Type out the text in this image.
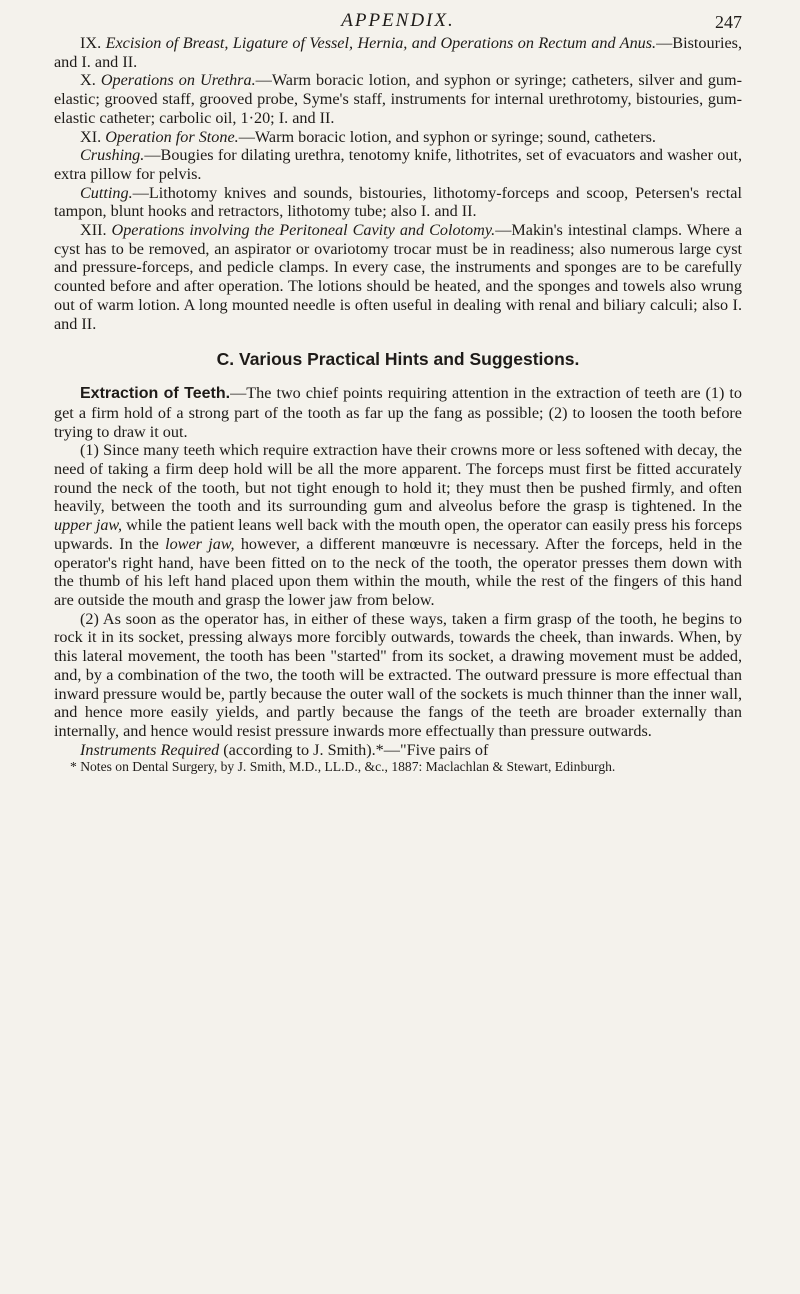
APPENDIX.	247

IX. Excision of Breast, Ligature of Vessel, Hernia, and Operations on Rectum and Anus.—Bistouries, and I. and II.

X. Operations on Urethra.—Warm boracic lotion, and syphon or syringe; catheters, silver and gum-elastic; grooved staff, grooved probe, Syme's staff, instruments for internal urethrotomy, bistouries, gum-elastic catheter; carbolic oil, 1·20; I. and II.

XI. Operation for Stone.—Warm boracic lotion, and syphon or syringe; sound, catheters.

Crushing.—Bougies for dilating urethra, tenotomy knife, lithotrites, set of evacuators and washer out, extra pillow for pelvis.

Cutting.—Lithotomy knives and sounds, bistouries, lithotomy-forceps and scoop, Petersen's rectal tampon, blunt hooks and retractors, lithotomy tube; also I. and II.

XII. Operations involving the Peritoneal Cavity and Colotomy.—Makin's intestinal clamps. Where a cyst has to be removed, an aspirator or ovariotomy trocar must be in readiness; also numerous large cyst and pressure-forceps, and pedicle clamps. In every case, the instruments and sponges are to be carefully counted before and after operation. The lotions should be heated, and the sponges and towels also wrung out of warm lotion. A long mounted needle is often useful in dealing with renal and biliary calculi; also I. and II.

C. Various Practical Hints and Suggestions.

Extraction of Teeth.—The two chief points requiring attention in the extraction of teeth are (1) to get a firm hold of a strong part of the tooth as far up the fang as possible; (2) to loosen the tooth before trying to draw it out.

(1) Since many teeth which require extraction have their crowns more or less softened with decay, the need of taking a firm deep hold will be all the more apparent. The forceps must first be fitted accurately round the neck of the tooth, but not tight enough to hold it; they must then be pushed firmly, and often heavily, between the tooth and its surrounding gum and alveolus before the grasp is tightened. In the upper jaw, while the patient leans well back with the mouth open, the operator can easily press his forceps upwards. In the lower jaw, however, a different manœuvre is necessary. After the forceps, held in the operator's right hand, have been fitted on to the neck of the tooth, the operator presses them down with the thumb of his left hand placed upon them within the mouth, while the rest of the fingers of this hand are outside the mouth and grasp the lower jaw from below.

(2) As soon as the operator has, in either of these ways, taken a firm grasp of the tooth, he begins to rock it in its socket, pressing always more forcibly outwards, towards the cheek, than inwards. When, by this lateral movement, the tooth has been "started" from its socket, a drawing movement must be added, and, by a combination of the two, the tooth will be extracted. The outward pressure is more effectual than inward pressure would be, partly because the outer wall of the sockets is much thinner than the inner wall, and hence more easily yields, and partly because the fangs of the teeth are broader externally than internally, and hence would resist pressure inwards more effectually than pressure outwards.

Instruments Required (according to J. Smith).*—"Five pairs of

* Notes on Dental Surgery, by J. Smith, M.D., LL.D., &c., 1887: Maclachlan & Stewart, Edinburgh.
